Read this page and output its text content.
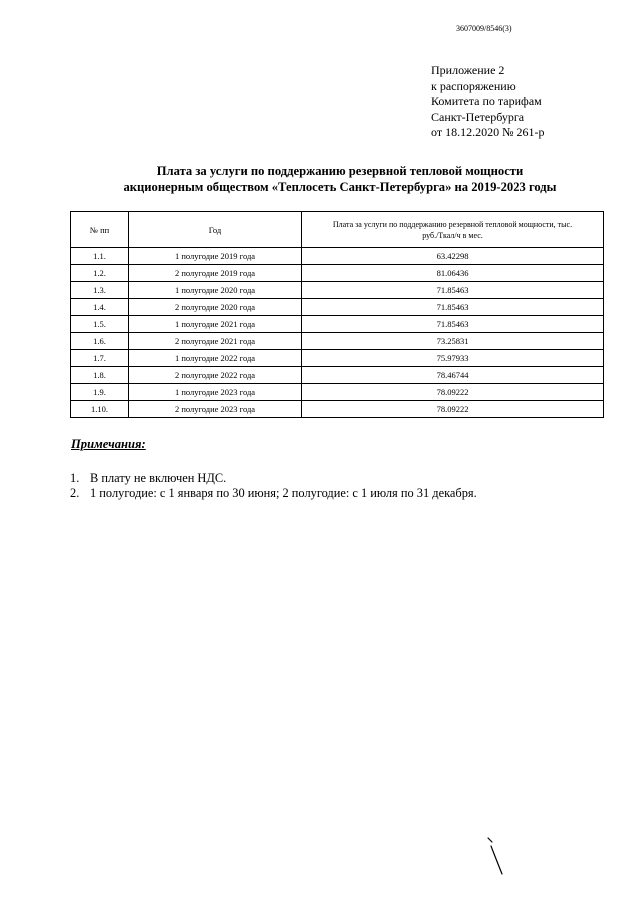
3607009/8546(3)
Приложение 2
к распоряжению
Комитета по тарифам
Санкт-Петербурга
от 18.12.2020 № 261-р
Плата за услуги по поддержанию резервной тепловой мощности
акционерным обществом «Теплосеть Санкт-Петербурга» на 2019-2023 годы
№ пп	Год	Плата за услуги по поддержанию резервной тепловой мощности, тыс.
руб./Ткал/ч в мес.
1.1.	1 полугодие 2019 года	63.42298
1.2.	2 полугодие 2019 года	81.06436
1.3.	1 полугодие 2020 года	71.85463
1.4.	2 полугодие 2020 года	71.85463
1.5.	1 полугодие 2021 года	71.85463
1.6.	2 полугодие 2021 года	73.25831
1.7.	1 полугодие 2022 года	75.97933
1.8.	2 полугодие 2022 года	78.46744
1.9.	1 полугодие 2023 года	78.09222
1.10.	2 полугодие 2023 года	78.09222
Примечания:
1. В плату не включен НДС.
2. 1 полугодие: с 1 января по 30 июня; 2 полугодие: с 1 июля по 31 декабря.
